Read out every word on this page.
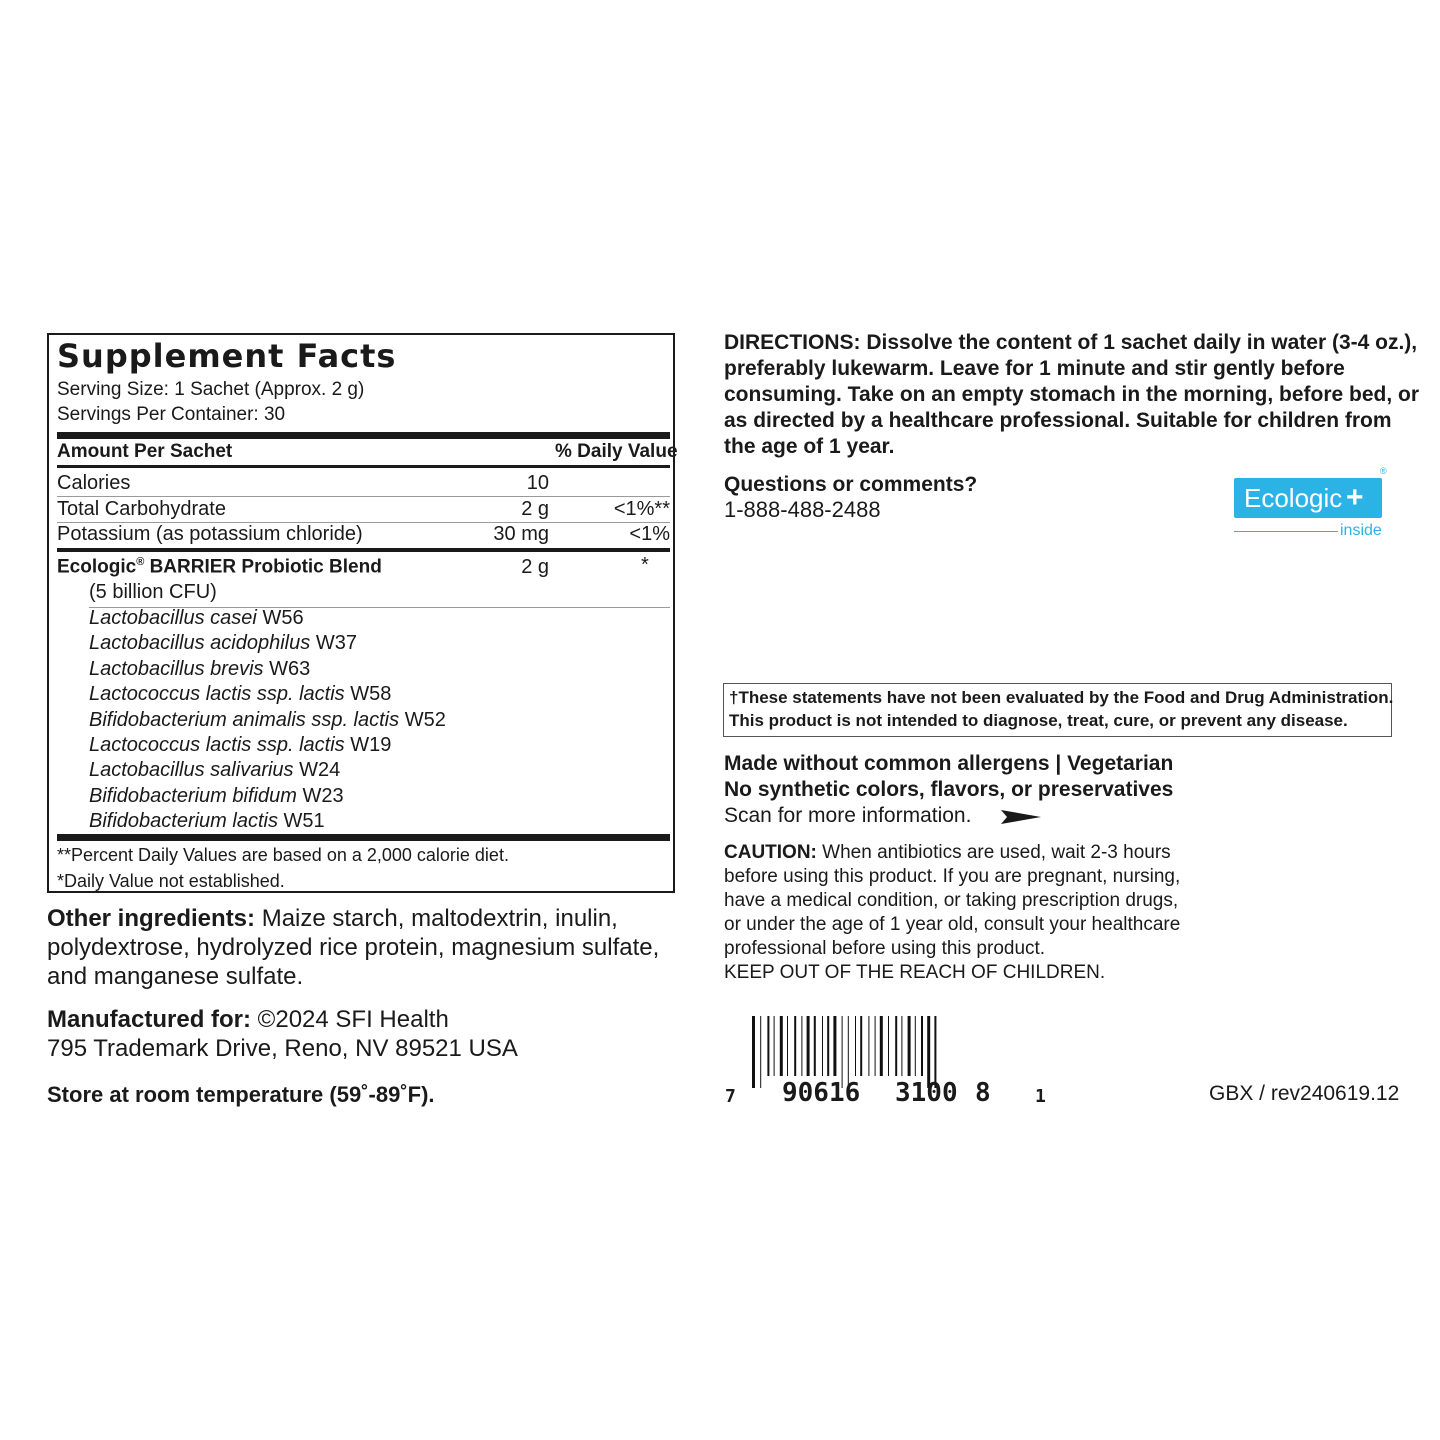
Supplement Facts
Serving Size: 1 Sachet (Approx. 2 g)
Servings Per Container: 30
Amount Per Sachet	% Daily Value
Calories	10
Total Carbohydrate	2 g	<1%**
Potassium (as potassium chloride)	30 mg	<1%
Ecologic® BARRIER Probiotic Blend	2 g	*
(5 billion CFU)
Lactobacillus casei W56
Lactobacillus acidophilus W37
Lactobacillus brevis W63
Lactococcus lactis ssp. lactis W58
Bifidobacterium animalis ssp. lactis W52
Lactococcus lactis ssp. lactis W19
Lactobacillus salivarius W24
Bifidobacterium bifidum W23
Bifidobacterium lactis W51
**Percent Daily Values are based on a 2,000 calorie diet.
*Daily Value not established.
Other ingredients: Maize starch, maltodextrin, inulin,
polydextrose, hydrolyzed rice protein, magnesium sulfate,
and manganese sulfate.
Manufactured for: ©2024 SFI Health
795 Trademark Drive, Reno, NV 89521 USA
Store at room temperature (59˚-89˚F).
DIRECTIONS: Dissolve the content of 1 sachet daily in water (3-4 oz.),
preferably lukewarm. Leave for 1 minute and stir gently before
consuming. Take on an empty stomach in the morning, before bed, or
as directed by a healthcare professional. Suitable for children from
the age of 1 year.
Questions or comments?
1-888-488-2488	Ecologic +
®
inside
†These statements have not been evaluated by the Food and Drug Administration.
This product is not intended to diagnose, treat, cure, or prevent any disease.
Made without common allergens | Vegetarian
No synthetic colors, flavors, or preservatives
Scan for more information.
CAUTION: When antibiotics are used, wait 2-3 hours
before using this product. If you are pregnant, nursing,
have a medical condition, or taking prescription drugs,
or under the age of 1 year old, consult your healthcare
professional before using this product.
KEEP OUT OF THE REACH OF CHILDREN.
7 90616 3100 8 1	GBX / rev240619.12
